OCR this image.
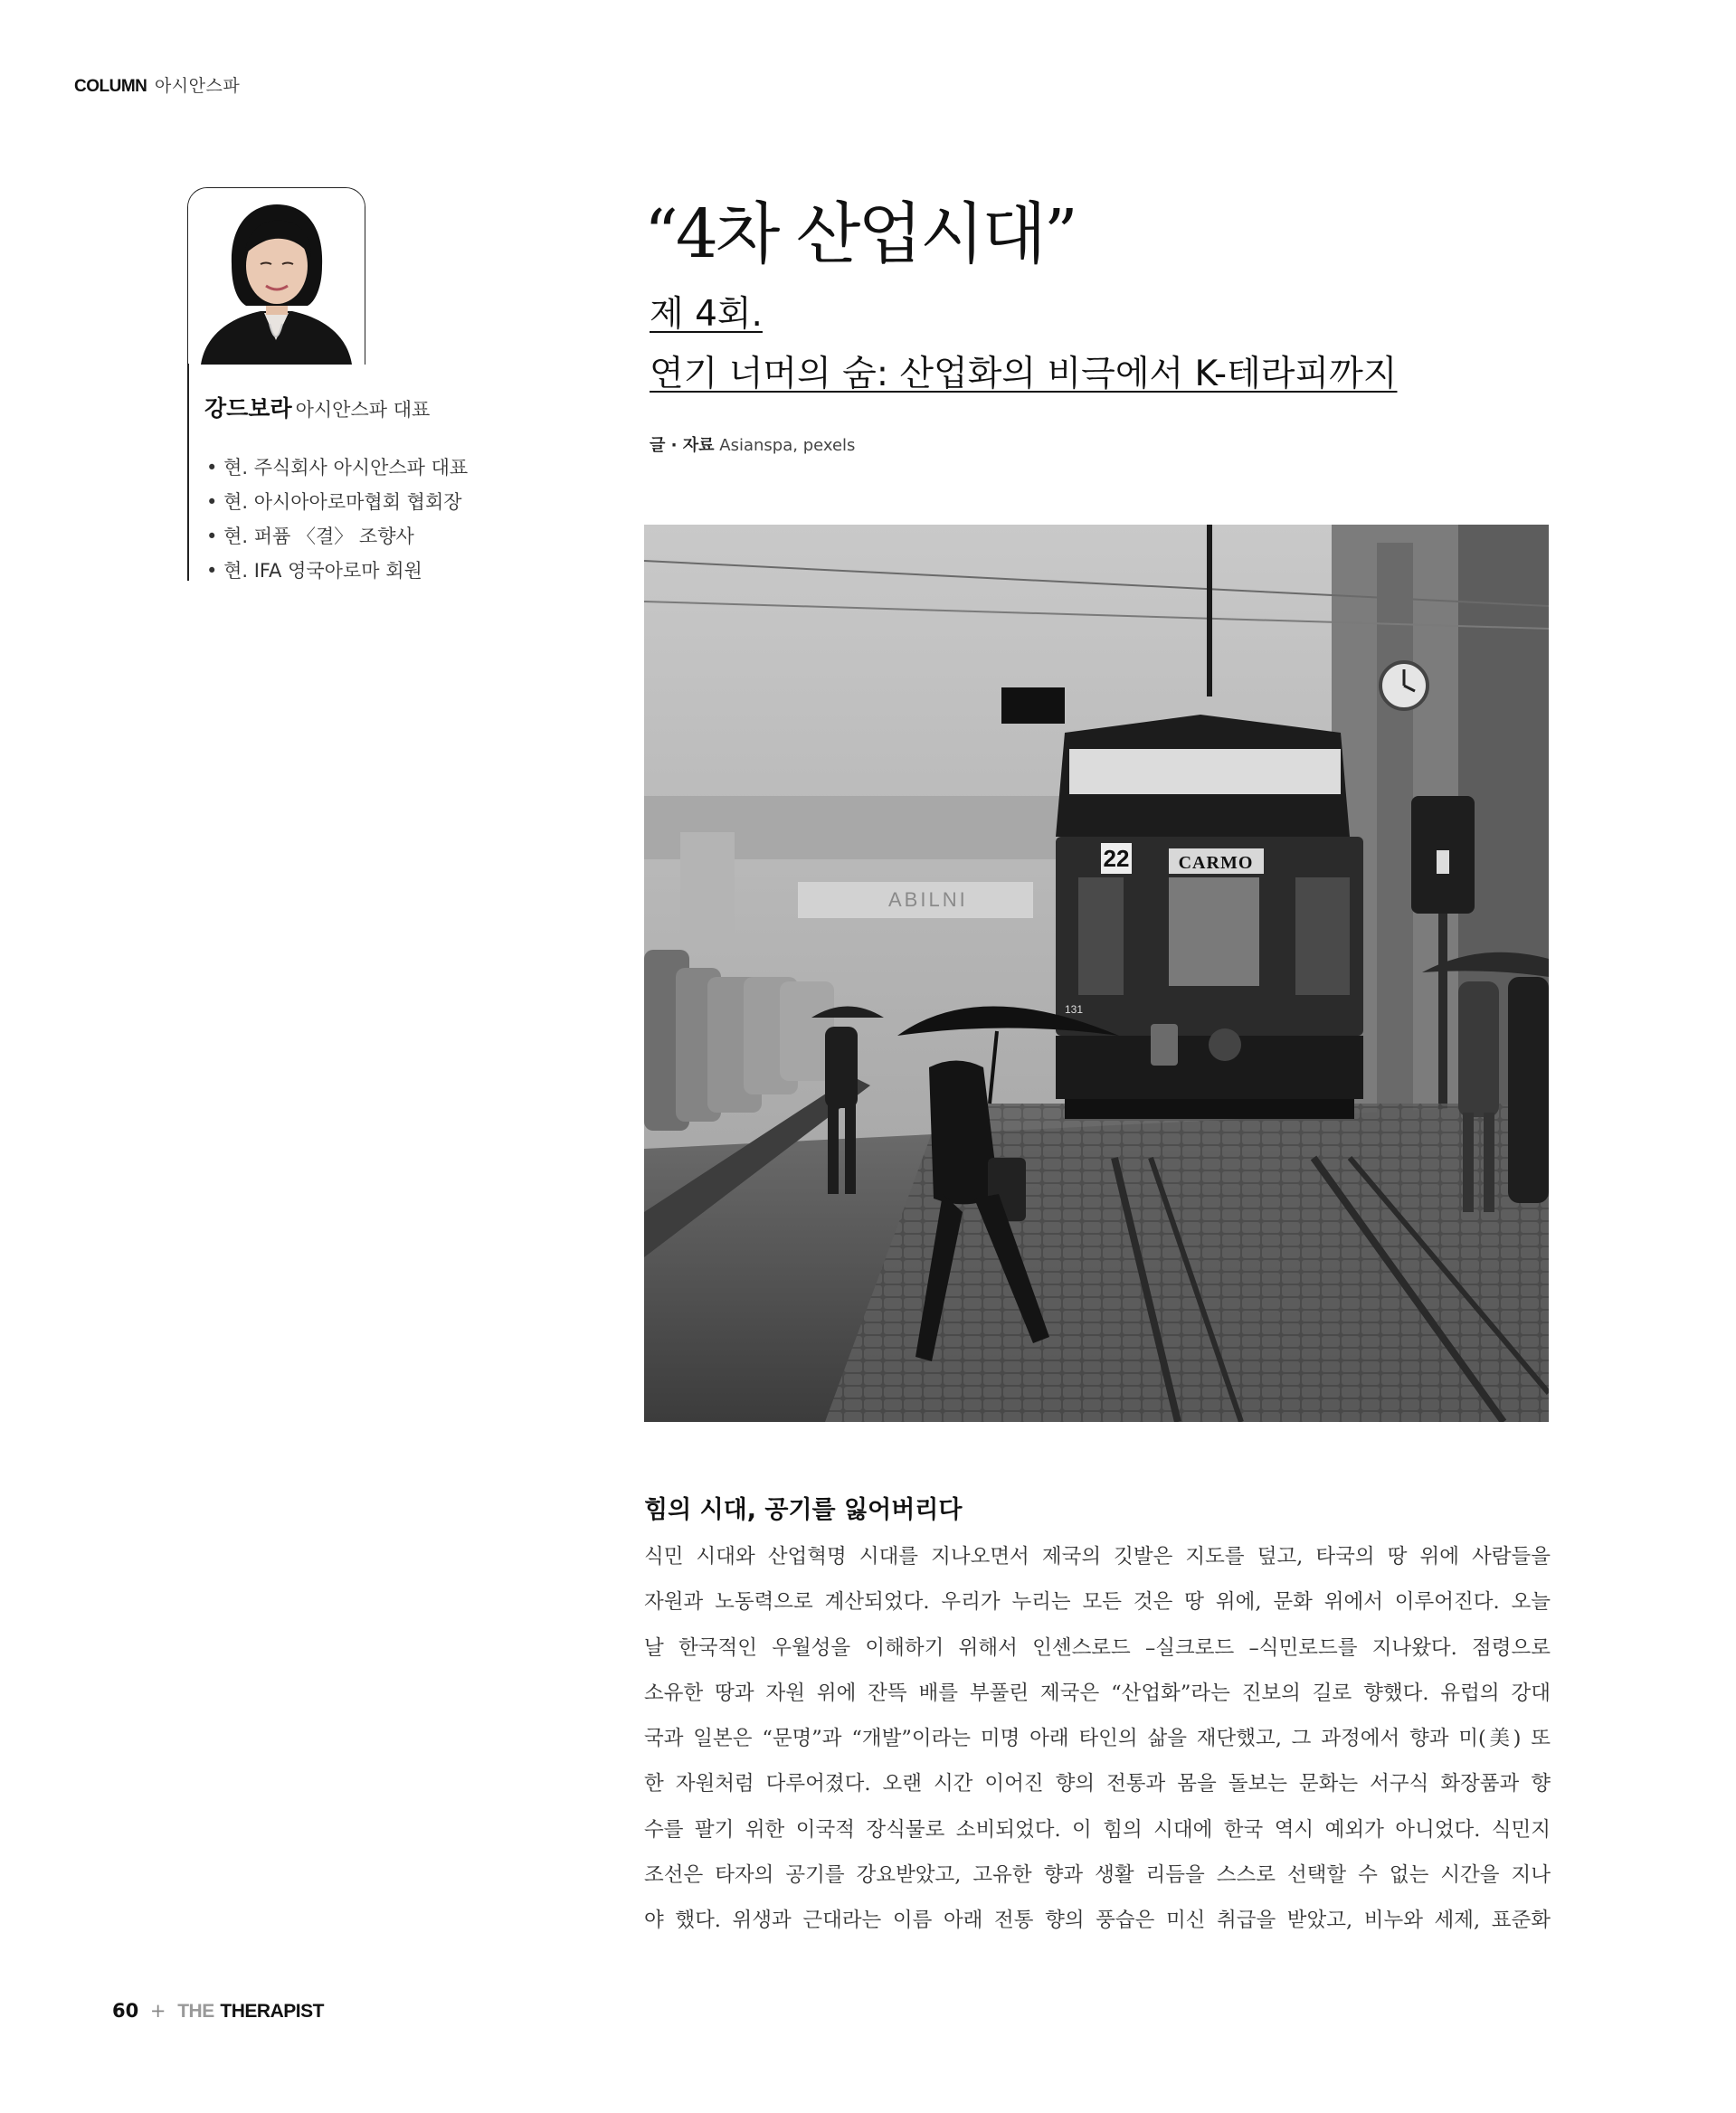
COLUMN 아시안스파
강드보라 아시안스파 대표
• 현. 주식회사 아시안스파 대표
• 현. 아시아아로마협회 협회장
• 현. 퍼퓸 〈결〉 조향사
• 현. IFA 영국아로마 회원
“4차 산업시대”
제 4회.
연기 너머의 숨: 산업화의 비극에서 K-테라피까지
글 · 자료 Asianspa, pexels
ABILNI
22	CARMO
131
힘의 시대, 공기를 잃어버리다
식민 시대와 산업혁명 시대를 지나오면서 제국의 깃발은 지도를 덮고, 타국의 땅 위에 사람들을
자원과 노동력으로 계산되었다. 우리가 누리는 모든 것은 땅 위에, 문화 위에서 이루어진다. 오늘
날 한국적인 우월성을 이해하기 위해서 인센스로드 –실크로드 –식민로드를 지나왔다. 점령으로
소유한 땅과 자원 위에 잔뜩 배를 부풀린 제국은 “산업화”라는 진보의 길로 향했다. 유럽의 강대
국과 일본은 “문명”과 “개발”이라는 미명 아래 타인의 삶을 재단했고, 그 과정에서 향과 미(美) 또
한 자원처럼 다루어졌다. 오랜 시간 이어진 향의 전통과 몸을 돌보는 문화는 서구식 화장품과 향
수를 팔기 위한 이국적 장식물로 소비되었다. 이 힘의 시대에 한국 역시 예외가 아니었다. 식민지
조선은 타자의 공기를 강요받았고, 고유한 향과 생활 리듬을 스스로 선택할 수 없는 시간을 지나
야 했다. 위생과 근대라는 이름 아래 전통 향의 풍습은 미신 취급을 받았고, 비누와 세제, 표준화
60 + THE THERAPIST
